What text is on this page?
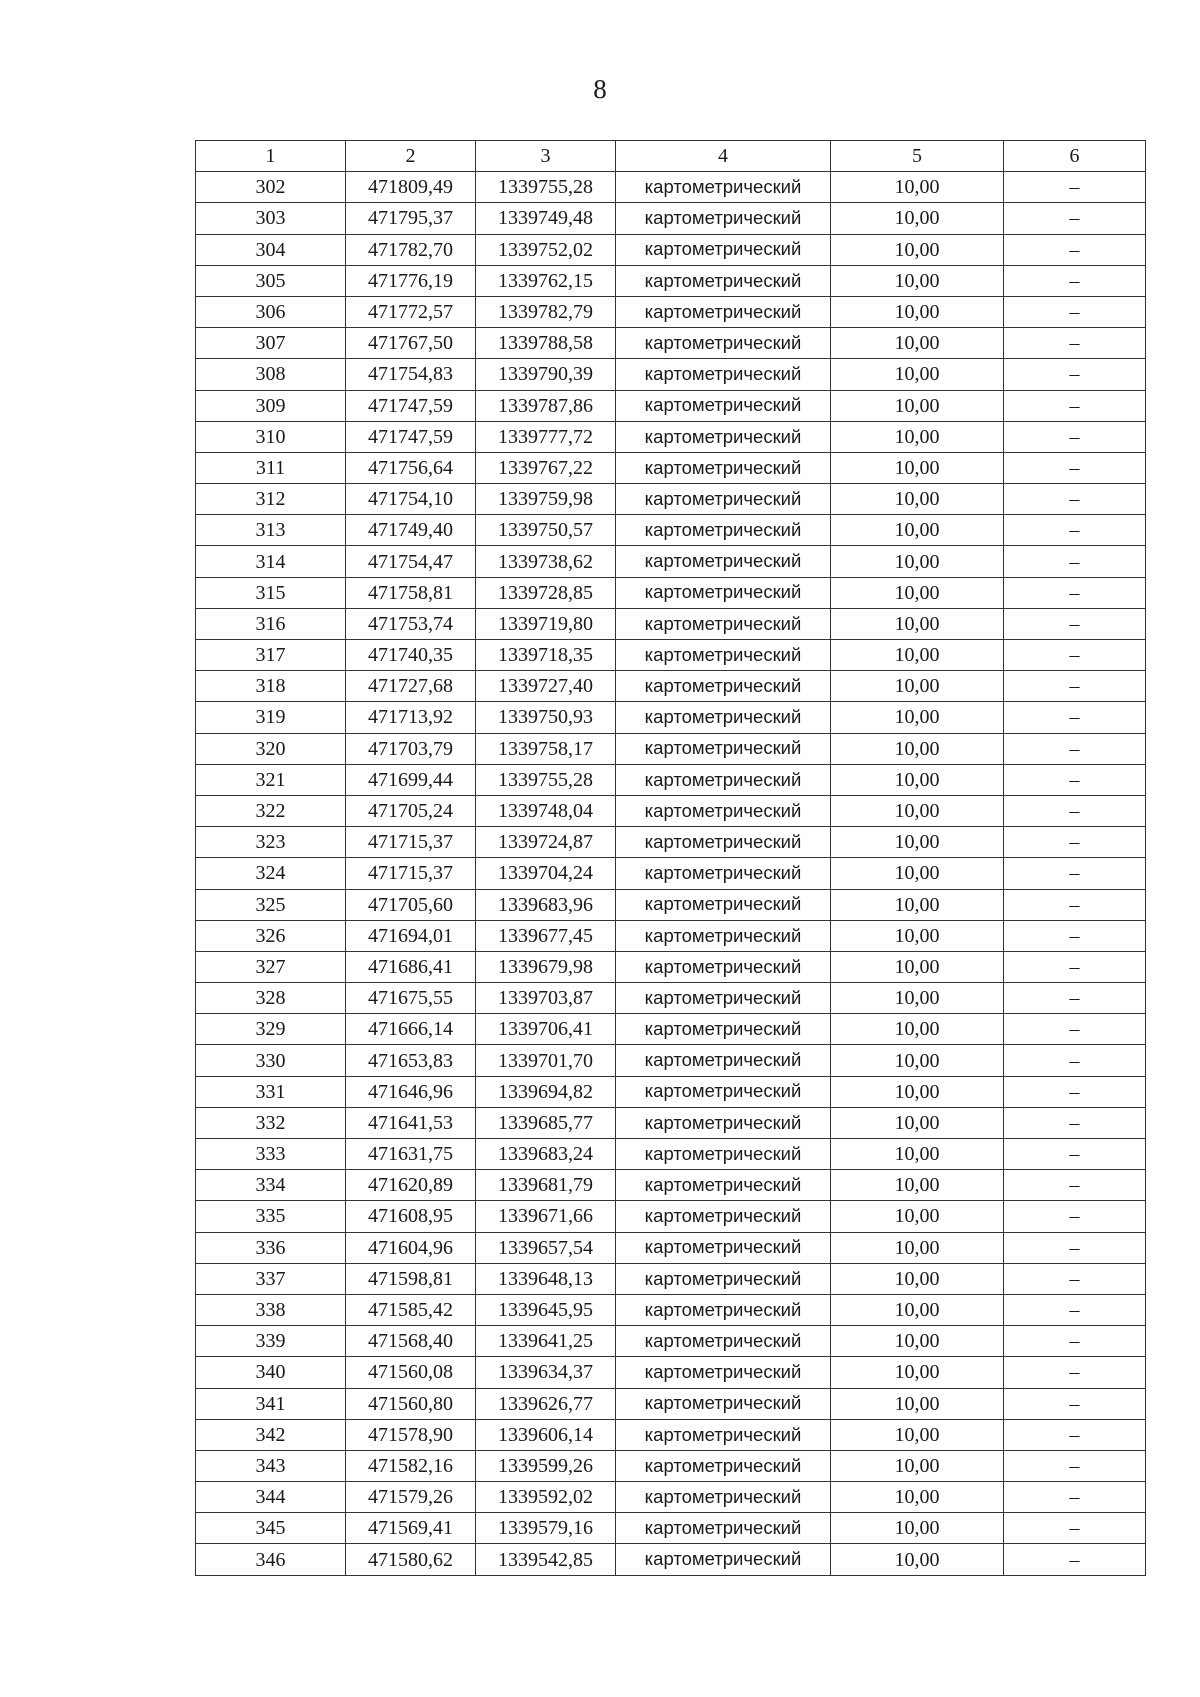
8
1	2	3	4	5	6
302	471809,49	1339755,28	картометрический	10,00	–
303	471795,37	1339749,48	картометрический	10,00	–
304	471782,70	1339752,02	картометрический	10,00	–
305	471776,19	1339762,15	картометрический	10,00	–
306	471772,57	1339782,79	картометрический	10,00	–
307	471767,50	1339788,58	картометрический	10,00	–
308	471754,83	1339790,39	картометрический	10,00	–
309	471747,59	1339787,86	картометрический	10,00	–
310	471747,59	1339777,72	картометрический	10,00	–
311	471756,64	1339767,22	картометрический	10,00	–
312	471754,10	1339759,98	картометрический	10,00	–
313	471749,40	1339750,57	картометрический	10,00	–
314	471754,47	1339738,62	картометрический	10,00	–
315	471758,81	1339728,85	картометрический	10,00	–
316	471753,74	1339719,80	картометрический	10,00	–
317	471740,35	1339718,35	картометрический	10,00	–
318	471727,68	1339727,40	картометрический	10,00	–
319	471713,92	1339750,93	картометрический	10,00	–
320	471703,79	1339758,17	картометрический	10,00	–
321	471699,44	1339755,28	картометрический	10,00	–
322	471705,24	1339748,04	картометрический	10,00	–
323	471715,37	1339724,87	картометрический	10,00	–
324	471715,37	1339704,24	картометрический	10,00	–
325	471705,60	1339683,96	картометрический	10,00	–
326	471694,01	1339677,45	картометрический	10,00	–
327	471686,41	1339679,98	картометрический	10,00	–
328	471675,55	1339703,87	картометрический	10,00	–
329	471666,14	1339706,41	картометрический	10,00	–
330	471653,83	1339701,70	картометрический	10,00	–
331	471646,96	1339694,82	картометрический	10,00	–
332	471641,53	1339685,77	картометрический	10,00	–
333	471631,75	1339683,24	картометрический	10,00	–
334	471620,89	1339681,79	картометрический	10,00	–
335	471608,95	1339671,66	картометрический	10,00	–
336	471604,96	1339657,54	картометрический	10,00	–
337	471598,81	1339648,13	картометрический	10,00	–
338	471585,42	1339645,95	картометрический	10,00	–
339	471568,40	1339641,25	картометрический	10,00	–
340	471560,08	1339634,37	картометрический	10,00	–
341	471560,80	1339626,77	картометрический	10,00	–
342	471578,90	1339606,14	картометрический	10,00	–
343	471582,16	1339599,26	картометрический	10,00	–
344	471579,26	1339592,02	картометрический	10,00	–
345	471569,41	1339579,16	картометрический	10,00	–
346	471580,62	1339542,85	картометрический	10,00	–
